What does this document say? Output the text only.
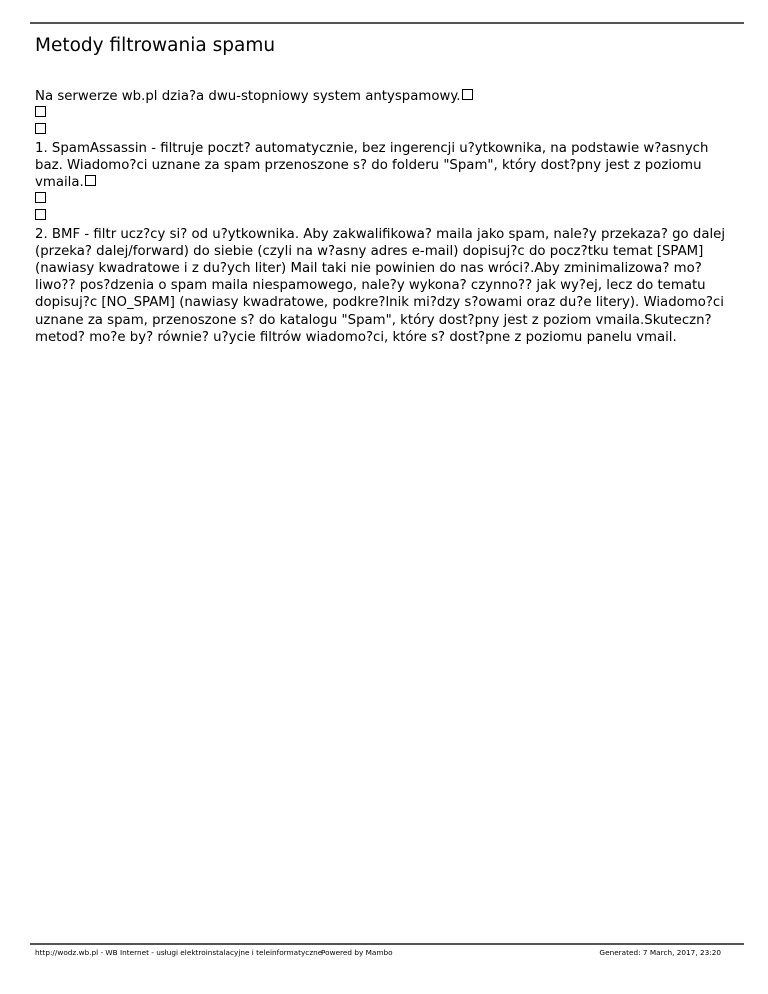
Metody filtrowania spamu

Na serwerze wb.pl dzia?a dwu-stopniowy system antyspamowy.

1. SpamAssassin - filtruje poczt? automatycznie, bez ingerencji u?ytkownika, na podstawie w?asnych baz. Wiadomo?ci uznane za spam przenoszone s? do folderu "Spam", który dost?pny jest z poziomu vmaila.

2. BMF - filtr ucz?cy si? od u?ytkownika. Aby zakwalifikowa? maila jako spam, nale?y przekaza? go dalej (przeka? dalej/forward) do siebie (czyli na w?asny adres e-mail) dopisuj?c do pocz?tku temat [SPAM] (nawiasy kwadratowe i z du?ych liter) Mail taki nie powinien do nas wróci?.Aby zminimalizowa? mo?liwo?? pos?dzenia o spam maila niespamowego, nale?y wykona? czynno?? jak wy?ej, lecz do tematu dopisuj?c [NO_SPAM] (nawiasy kwadratowe, podkre?lnik mi?dzy s?owami oraz du?e litery). Wiadomo?ci uznane za spam, przenoszone s? do katalogu "Spam", który dost?pny jest z poziom vmaila.Skuteczn? metod? mo?e by? równie? u?ycie filtrów wiadomo?ci, które s? dost?pne z poziomu panelu vmail.

http://wodz.wb.pl - WB Internet - usługi elektroinstalacyjne i teleinformatyczne
Powered by Mambo	Generated: 7 March, 2017, 23:20
